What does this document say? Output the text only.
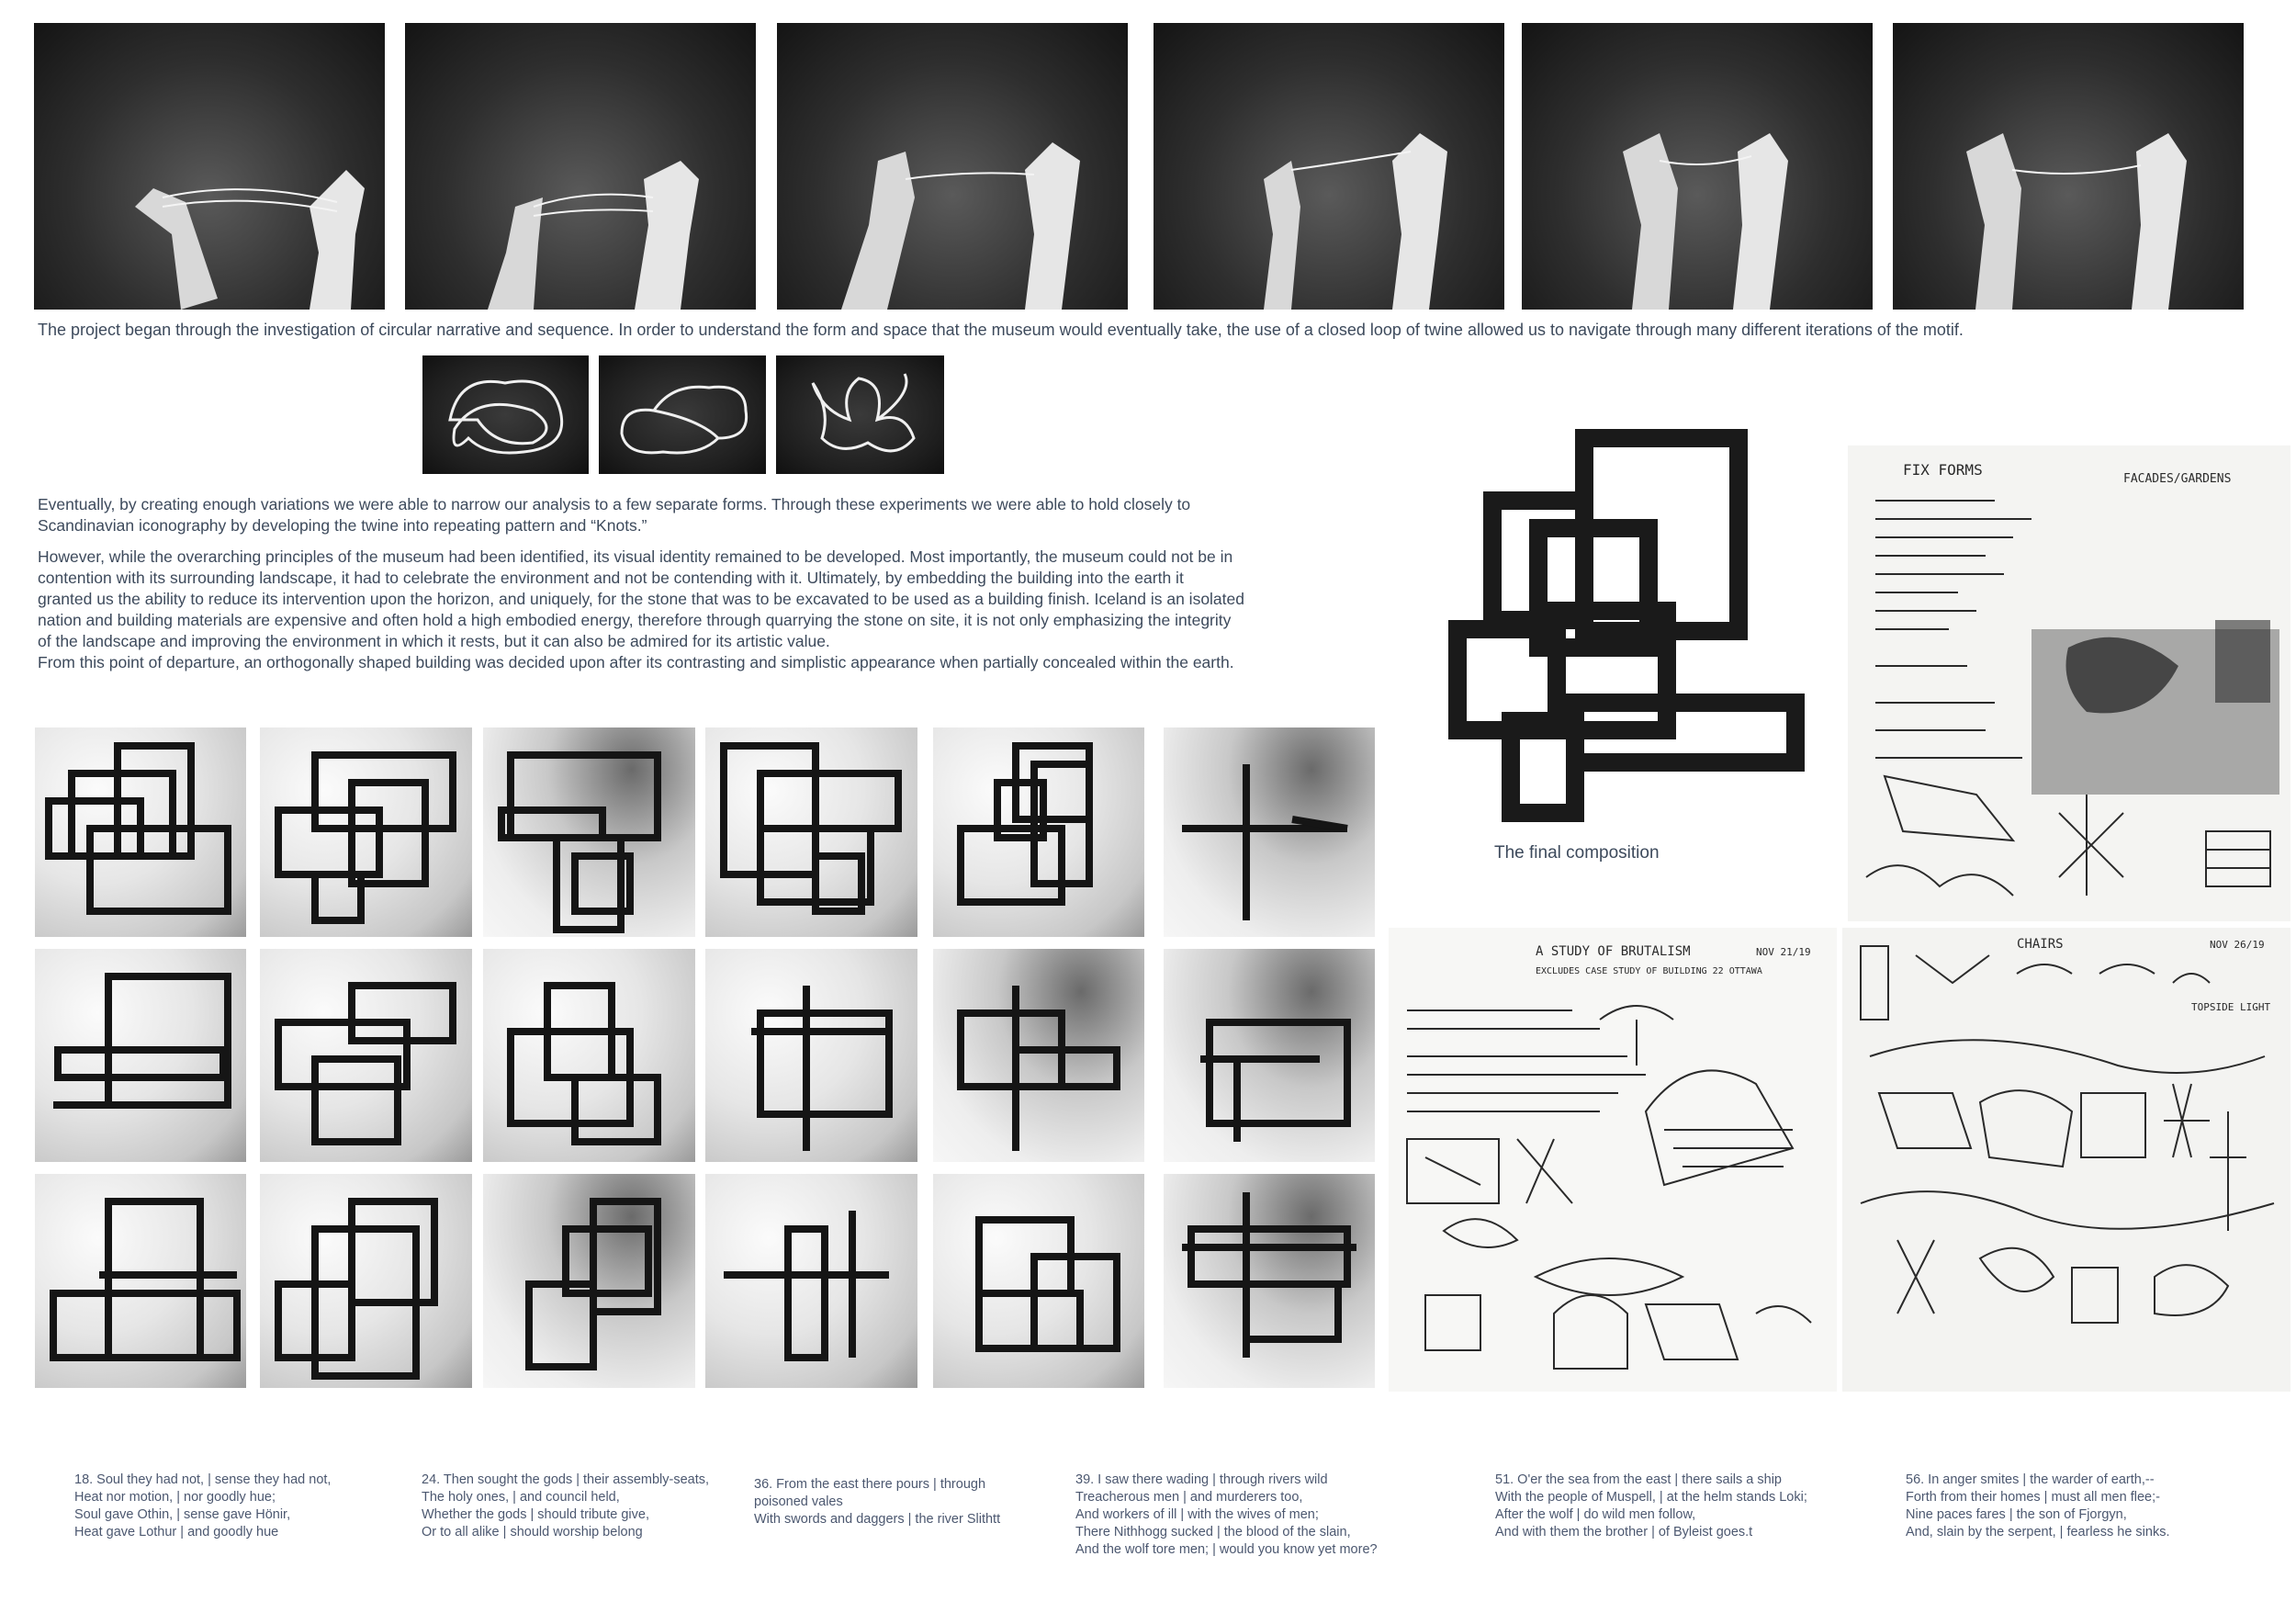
The project began through the investigation of circular narrative and sequence. In order to understand the form and space that the museum would eventually take, the use of a closed loop of twine allowed us to navigate through many different iterations of the motif.
Eventually, by creating enough variations we were able to narrow our analysis to a few separate forms. Through these experiments we were able to hold closely to
Scandinavian iconography by developing the twine into repeating pattern and “Knots.”
However, while the overarching principles of the museum had been identified, its visual identity remained to be developed. Most importantly, the museum could not be in
contention with its surrounding landscape, it had to celebrate the environment and not be contending with it. Ultimately, by embedding the building into the earth it
granted us the ability to reduce its intervention upon the horizon, and uniquely, for the stone that was to be excavated to be used as a building finish. Iceland is an isolated
nation and building materials are expensive and often hold a high embodied energy, therefore through quarrying the stone on site, it is not only emphasizing the integrity
of the landscape and improving the environment in which it rests, but it can also be admired for its artistic value.
From this point of departure, an orthogonally shaped building was decided upon after its contrasting and simplistic appearance when partially concealed within the earth.
The final composition
FIX FORMS
FACADES/GARDENS
A STUDY OF BRUTALISM
EXCLUDES CASE STUDY OF BUILDING 22 OTTAWA
NOV 21/19
CHAIRS	NOV 26/19
TOPSIDE LIGHT
18. Soul they had not, | sense they had not,
Heat nor motion, | nor goodly hue;
Soul gave Othin, | sense gave Hönir,
Heat gave Lothur | and goodly hue
24. Then sought the gods | their assembly-seats,
The holy ones, | and council held,
Whether the gods | should tribute give,
Or to all alike | should worship belong
36. From the east there pours | through
poisoned vales
With swords and daggers | the river Slithtt
39. I saw there wading | through rivers wild
Treacherous men | and murderers too,
And workers of ill | with the wives of men;
There Nithhogg sucked | the blood of the slain,
And the wolf tore men; | would you know yet more?
51. O'er the sea from the east | there sails a ship
With the people of Muspell, | at the helm stands Loki;
After the wolf | do wild men follow,
And with them the brother | of Byleist goes.t
56. In anger smites | the warder of earth,--
Forth from their homes | must all men flee;-
Nine paces fares | the son of Fjorgyn,
And, slain by the serpent, | fearless he sinks.
